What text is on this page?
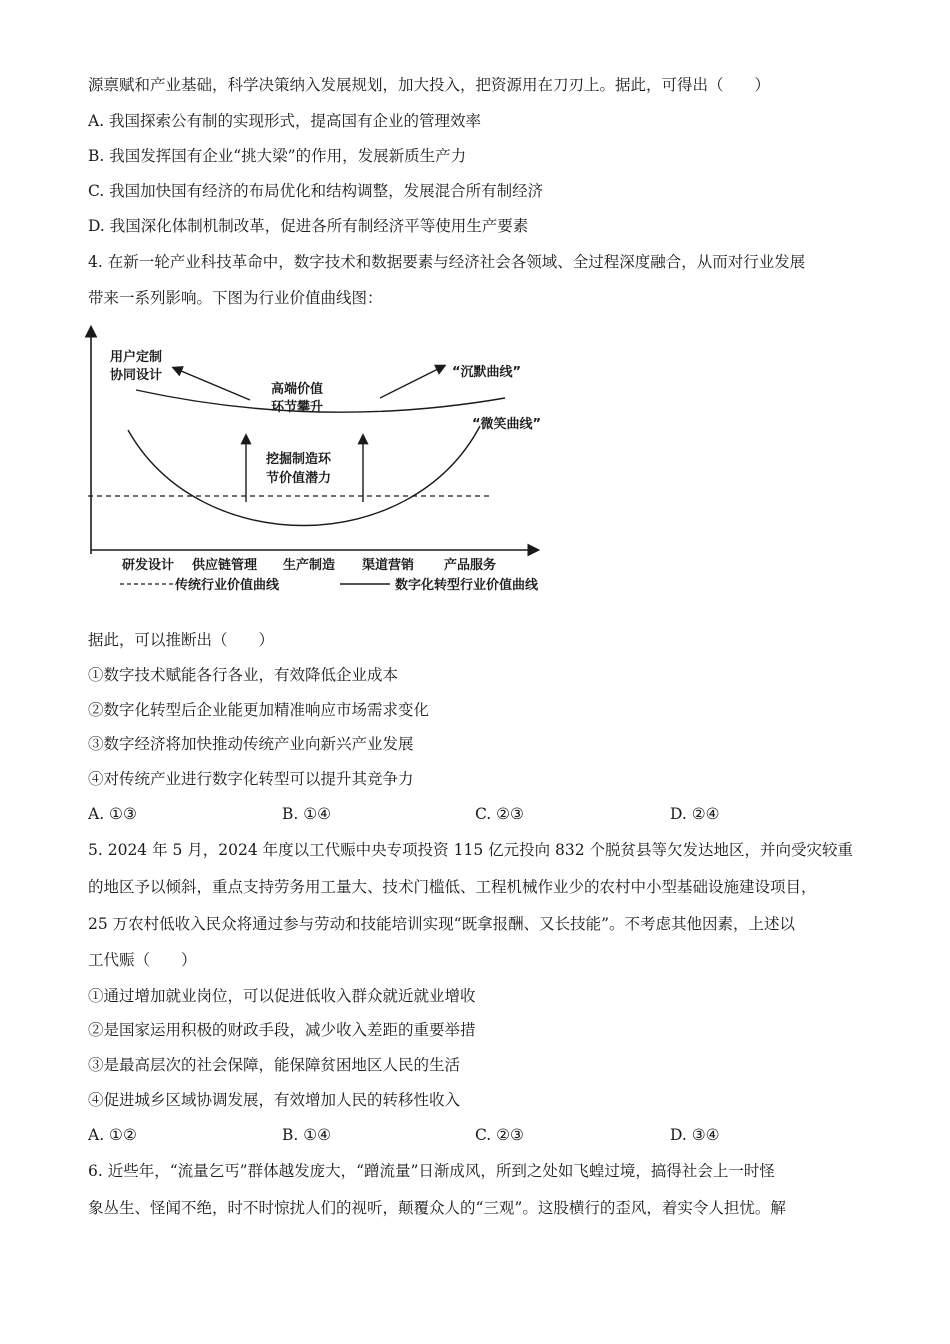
源禀赋和产业基础，科学决策纳入发展规划，加大投入，把资源用在刀刃上。据此，可得出（　　）
A. 我国探索公有制的实现形式，提高国有企业的管理效率
B. 我国发挥国有企业“挑大梁”的作用，发展新质生产力
C. 我国加快国有经济的布局优化和结构调整，发展混合所有制经济
D. 我国深化体制机制改革，促进各所有制经济平等使用生产要素
4. 在新一轮产业科技革命中，数字技术和数据要素与经济社会各领域、全过程深度融合，从而对行业发展
带来一系列影响。下图为行业价值曲线图：
用户定制
协同设计
高端价值
环节攀升
“沉默曲线”
“微笑曲线”
挖掘制造环
节价值潜力
研发设计 供应链管理 生产制造 渠道营销 产品服务
传统行业价值曲线	数字化转型行业价值曲线
据此，可以推断出（　　）
①数字技术赋能各行各业，有效降低企业成本
②数字化转型后企业能更加精准响应市场需求变化
③数字经济将加快推动传统产业向新兴产业发展
④对传统产业进行数字化转型可以提升其竞争力
A. ①③	B. ①④	C. ②③	D. ②④
5. 2024 年 5 月，2024 年度以工代赈中央专项投资 115 亿元投向 832 个脱贫县等欠发达地区，并向受灾较重
的地区予以倾斜，重点支持劳务用工量大、技术门槛低、工程机械作业少的农村中小型基础设施建设项目，
25 万农村低收入民众将通过参与劳动和技能培训实现“既拿报酬、又长技能”。不考虑其他因素，上述以
工代赈（　　）
①通过增加就业岗位，可以促进低收入群众就近就业增收
②是国家运用积极的财政手段，减少收入差距的重要举措
③是最高层次的社会保障，能保障贫困地区人民的生活
④促进城乡区域协调发展，有效增加人民的转移性收入
A. ①②	B. ①④	C. ②③	D. ③④
6. 近些年，“流量乞丐”群体越发庞大，“蹭流量”日渐成风，所到之处如飞蝗过境，搞得社会上一时怪
象丛生、怪闻不绝，时不时惊扰人们的视听，颠覆众人的“三观”。这股横行的歪风，着实令人担忧。解
